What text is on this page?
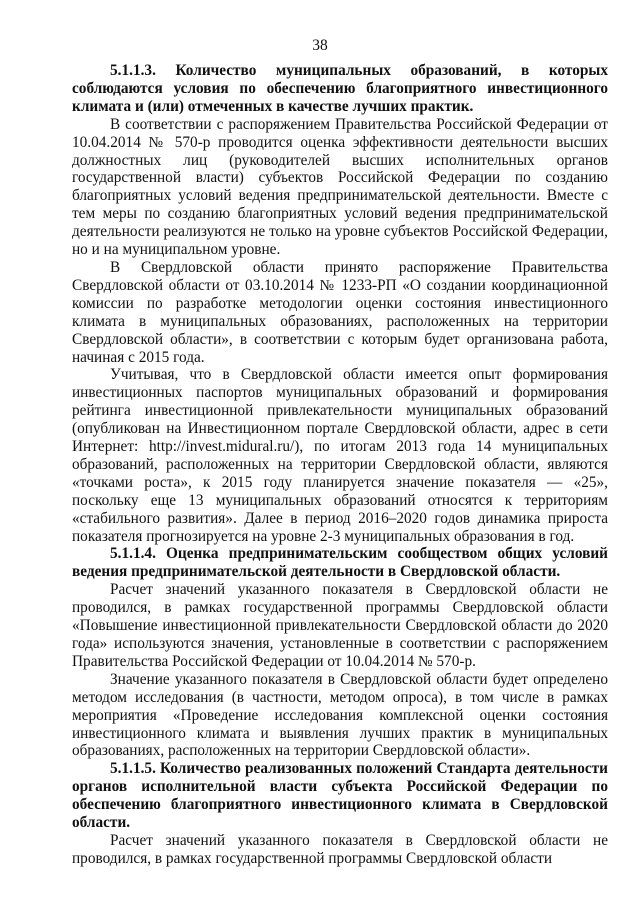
38

5.1.1.3. Количество муниципальных образований, в которых соблюдаются условия по обеспечению благоприятного инвестиционного климата и (или) отмеченных в качестве лучших практик.

В соответствии с распоряжением Правительства Российской Федерации от 10.04.2014 № 570-р проводится оценка эффективности деятельности высших должностных лиц (руководителей высших исполнительных органов государственной власти) субъектов Российской Федерации по созданию благоприятных условий ведения предпринимательской деятельности. Вместе с тем меры по созданию благоприятных условий ведения предпринимательской деятельности реализуются не только на уровне субъектов Российской Федерации, но и на муниципальном уровне.

В Свердловской области принято распоряжение Правительства Свердловской области от 03.10.2014 № 1233-РП «О создании координационной комиссии по разработке методологии оценки состояния инвестиционного климата в муниципальных образованиях, расположенных на территории Свердловской области», в соответствии с которым будет организована работа, начиная с 2015 года.

Учитывая, что в Свердловской области имеется опыт формирования инвестиционных паспортов муниципальных образований и формирования рейтинга инвестиционной привлекательности муниципальных образований (опубликован на Инвестиционном портале Свердловской области, адрес в сети Интернет: http://invest.midural.ru/), по итогам 2013 года 14 муниципальных образований, расположенных на территории Свердловской области, являются «точками роста», к 2015 году планируется значение показателя — «25», поскольку еще 13 муниципальных образований относятся к территориям «стабильного развития». Далее в период 2016–2020 годов динамика прироста показателя прогнозируется на уровне 2-3 муниципальных образования в год.

5.1.1.4. Оценка предпринимательским сообществом общих условий ведения предпринимательской деятельности в Свердловской области.

Расчет значений указанного показателя в Свердловской области не проводился, в рамках государственной программы Свердловской области «Повышение инвестиционной привлекательности Свердловской области до 2020 года» используются значения, установленные в соответствии с распоряжением Правительства Российской Федерации от 10.04.2014 № 570-р.

Значение указанного показателя в Свердловской области будет определено методом исследования (в частности, методом опроса), в том числе в рамках мероприятия «Проведение исследования комплексной оценки состояния инвестиционного климата и выявления лучших практик в муниципальных образованиях, расположенных на территории Свердловской области».

5.1.1.5. Количество реализованных положений Стандарта деятельности органов исполнительной власти субъекта Российской Федерации по обеспечению благоприятного инвестиционного климата в Свердловской области.

Расчет значений указанного показателя в Свердловской области не проводился, в рамках государственной программы Свердловской области
